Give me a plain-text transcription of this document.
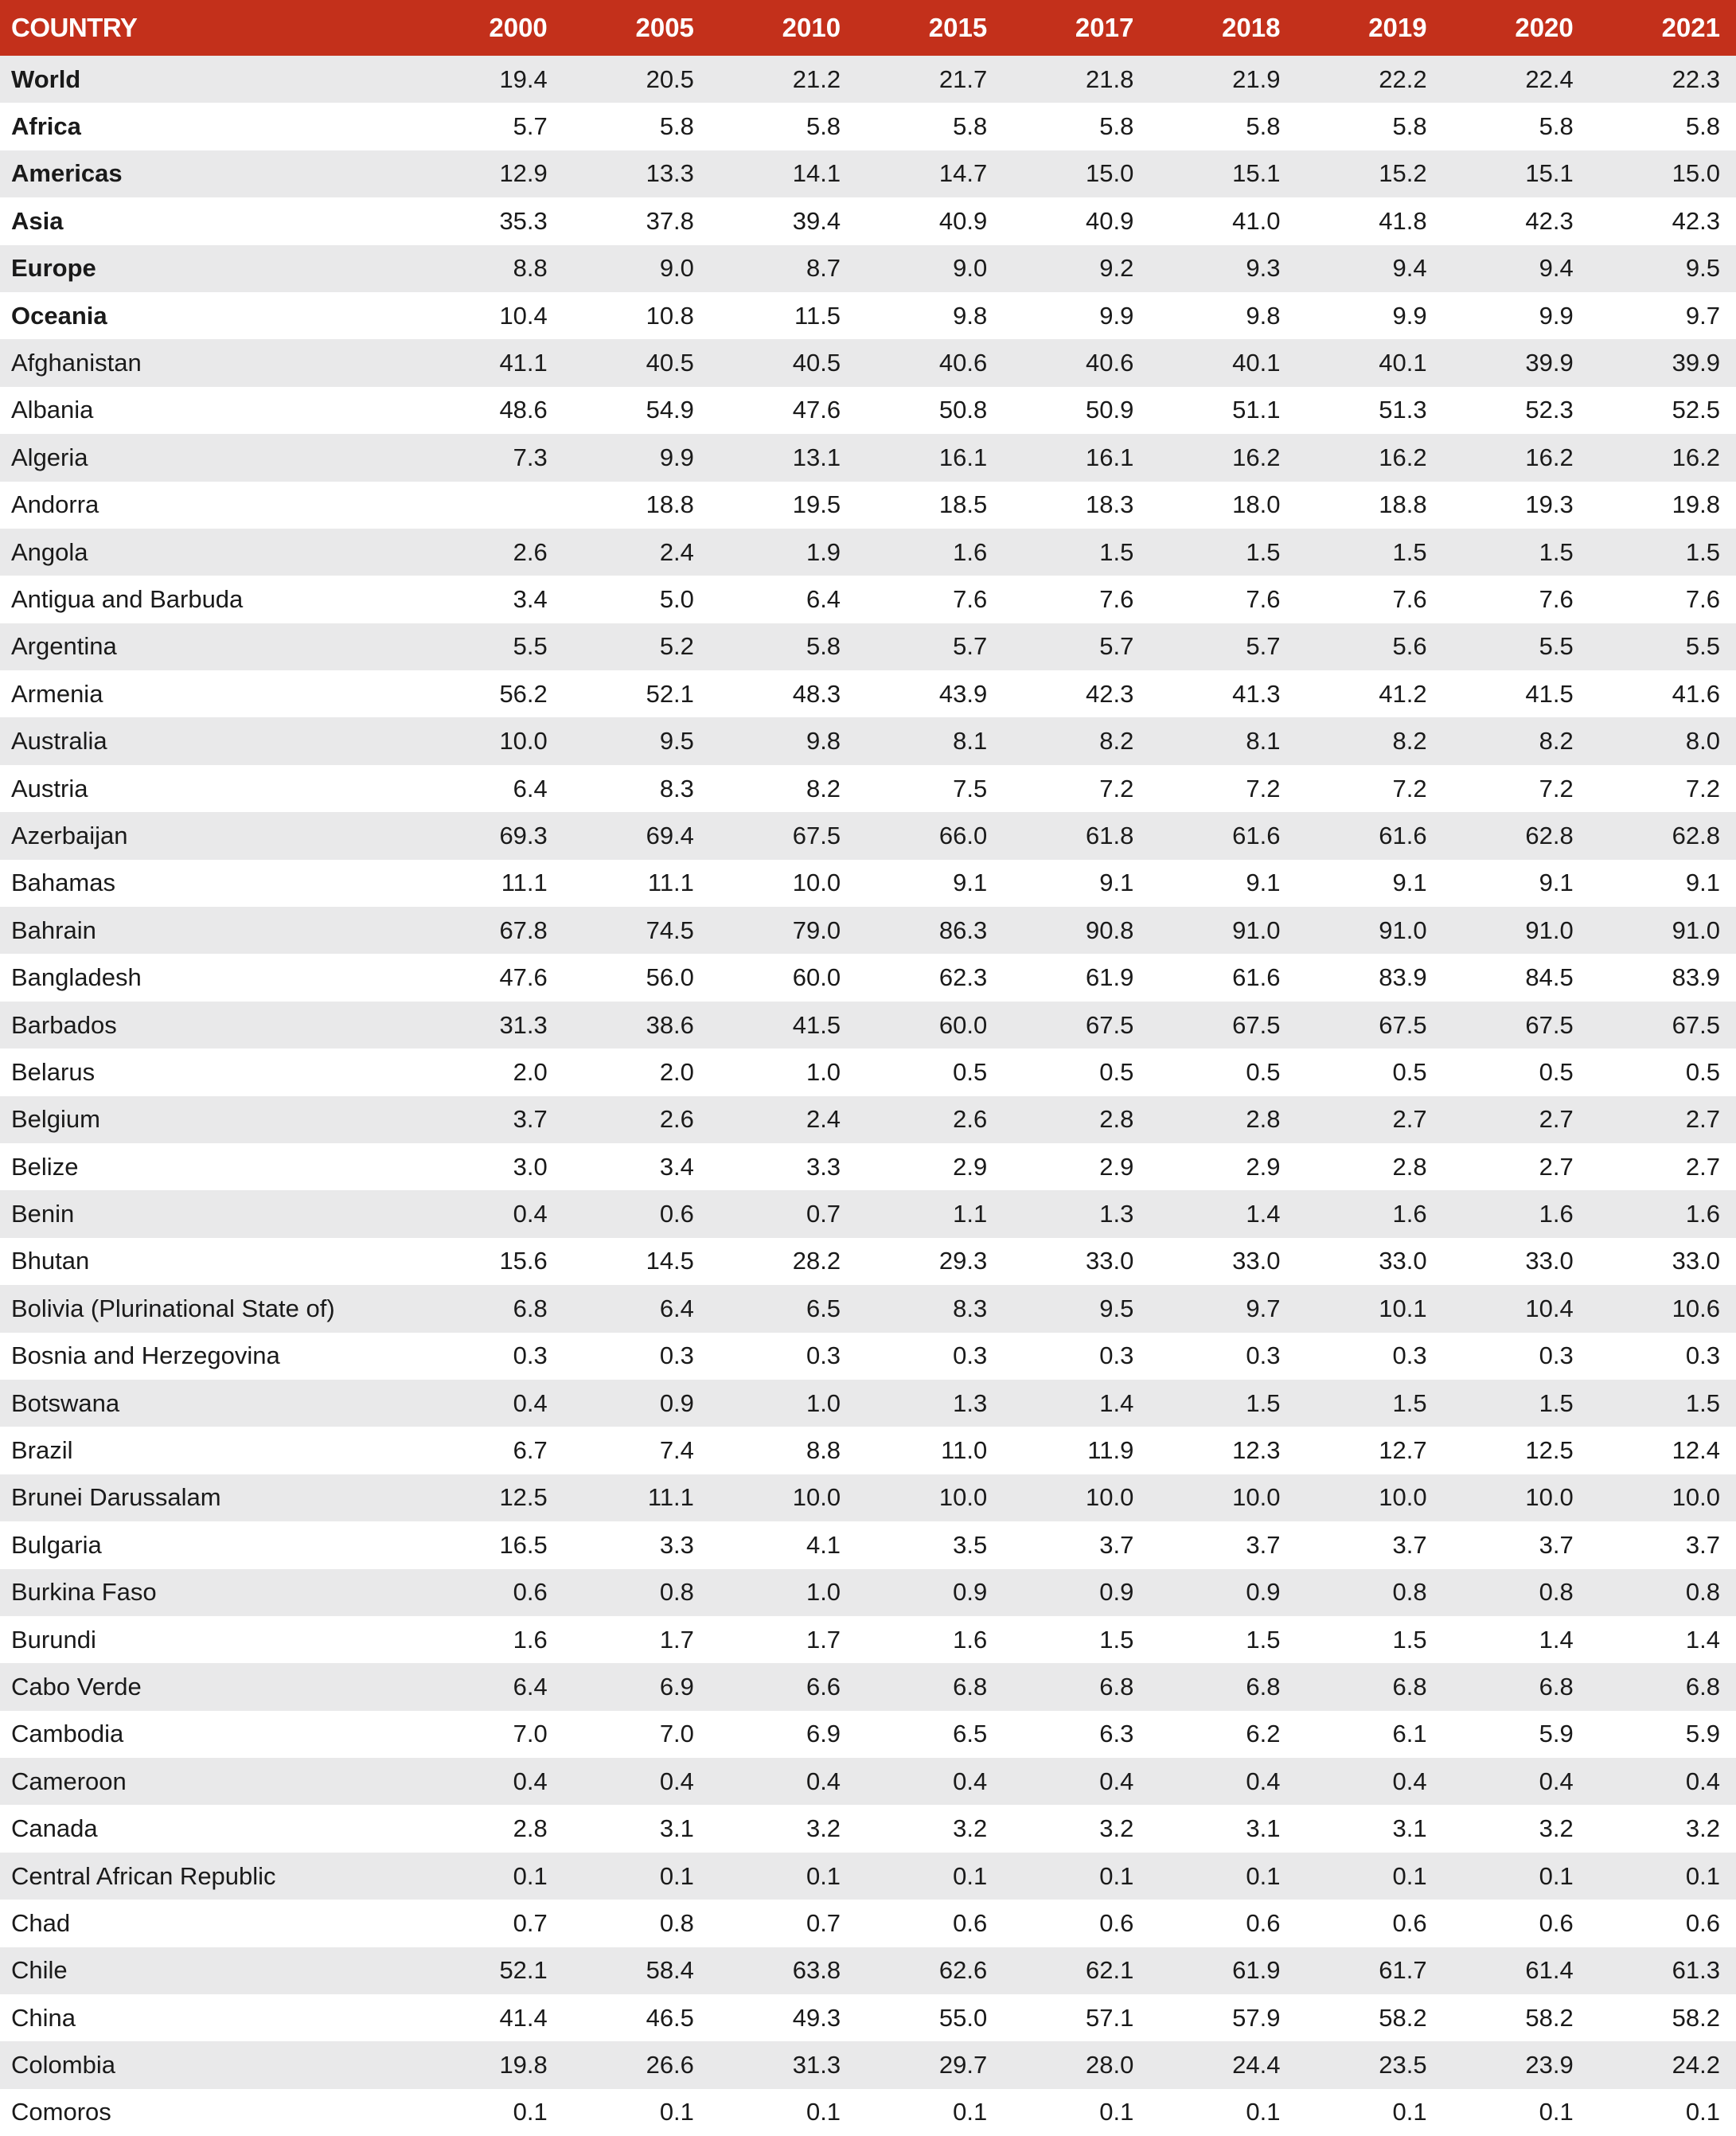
COUNTRY	2000	2005	2010	2015	2017	2018	2019	2020	2021
World	19.4	20.5	21.2	21.7	21.8	21.9	22.2	22.4	22.3
Africa	5.7	5.8	5.8	5.8	5.8	5.8	5.8	5.8	5.8
Americas	12.9	13.3	14.1	14.7	15.0	15.1	15.2	15.1	15.0
Asia	35.3	37.8	39.4	40.9	40.9	41.0	41.8	42.3	42.3
Europe	8.8	9.0	8.7	9.0	9.2	9.3	9.4	9.4	9.5
Oceania	10.4	10.8	11.5	9.8	9.9	9.8	9.9	9.9	9.7
Afghanistan	41.1	40.5	40.5	40.6	40.6	40.1	40.1	39.9	39.9
Albania	48.6	54.9	47.6	50.8	50.9	51.1	51.3	52.3	52.5
Algeria	7.3	9.9	13.1	16.1	16.1	16.2	16.2	16.2	16.2
Andorra		18.8	19.5	18.5	18.3	18.0	18.8	19.3	19.8
Angola	2.6	2.4	1.9	1.6	1.5	1.5	1.5	1.5	1.5
Antigua and Barbuda	3.4	5.0	6.4	7.6	7.6	7.6	7.6	7.6	7.6
Argentina	5.5	5.2	5.8	5.7	5.7	5.7	5.6	5.5	5.5
Armenia	56.2	52.1	48.3	43.9	42.3	41.3	41.2	41.5	41.6
Australia	10.0	9.5	9.8	8.1	8.2	8.1	8.2	8.2	8.0
Austria	6.4	8.3	8.2	7.5	7.2	7.2	7.2	7.2	7.2
Azerbaijan	69.3	69.4	67.5	66.0	61.8	61.6	61.6	62.8	62.8
Bahamas	11.1	11.1	10.0	9.1	9.1	9.1	9.1	9.1	9.1
Bahrain	67.8	74.5	79.0	86.3	90.8	91.0	91.0	91.0	91.0
Bangladesh	47.6	56.0	60.0	62.3	61.9	61.6	83.9	84.5	83.9
Barbados	31.3	38.6	41.5	60.0	67.5	67.5	67.5	67.5	67.5
Belarus	2.0	2.0	1.0	0.5	0.5	0.5	0.5	0.5	0.5
Belgium	3.7	2.6	2.4	2.6	2.8	2.8	2.7	2.7	2.7
Belize	3.0	3.4	3.3	2.9	2.9	2.9	2.8	2.7	2.7
Benin	0.4	0.6	0.7	1.1	1.3	1.4	1.6	1.6	1.6
Bhutan	15.6	14.5	28.2	29.3	33.0	33.0	33.0	33.0	33.0
Bolivia (Plurinational State of)	6.8	6.4	6.5	8.3	9.5	9.7	10.1	10.4	10.6
Bosnia and Herzegovina	0.3	0.3	0.3	0.3	0.3	0.3	0.3	0.3	0.3
Botswana	0.4	0.9	1.0	1.3	1.4	1.5	1.5	1.5	1.5
Brazil	6.7	7.4	8.8	11.0	11.9	12.3	12.7	12.5	12.4
Brunei Darussalam	12.5	11.1	10.0	10.0	10.0	10.0	10.0	10.0	10.0
Bulgaria	16.5	3.3	4.1	3.5	3.7	3.7	3.7	3.7	3.7
Burkina Faso	0.6	0.8	1.0	0.9	0.9	0.9	0.8	0.8	0.8
Burundi	1.6	1.7	1.7	1.6	1.5	1.5	1.5	1.4	1.4
Cabo Verde	6.4	6.9	6.6	6.8	6.8	6.8	6.8	6.8	6.8
Cambodia	7.0	7.0	6.9	6.5	6.3	6.2	6.1	5.9	5.9
Cameroon	0.4	0.4	0.4	0.4	0.4	0.4	0.4	0.4	0.4
Canada	2.8	3.1	3.2	3.2	3.2	3.1	3.1	3.2	3.2
Central African Republic	0.1	0.1	0.1	0.1	0.1	0.1	0.1	0.1	0.1
Chad	0.7	0.8	0.7	0.6	0.6	0.6	0.6	0.6	0.6
Chile	52.1	58.4	63.8	62.6	62.1	61.9	61.7	61.4	61.3
China	41.4	46.5	49.3	55.0	57.1	57.9	58.2	58.2	58.2
Colombia	19.8	26.6	31.3	29.7	28.0	24.4	23.5	23.9	24.2
Comoros	0.1	0.1	0.1	0.1	0.1	0.1	0.1	0.1	0.1
